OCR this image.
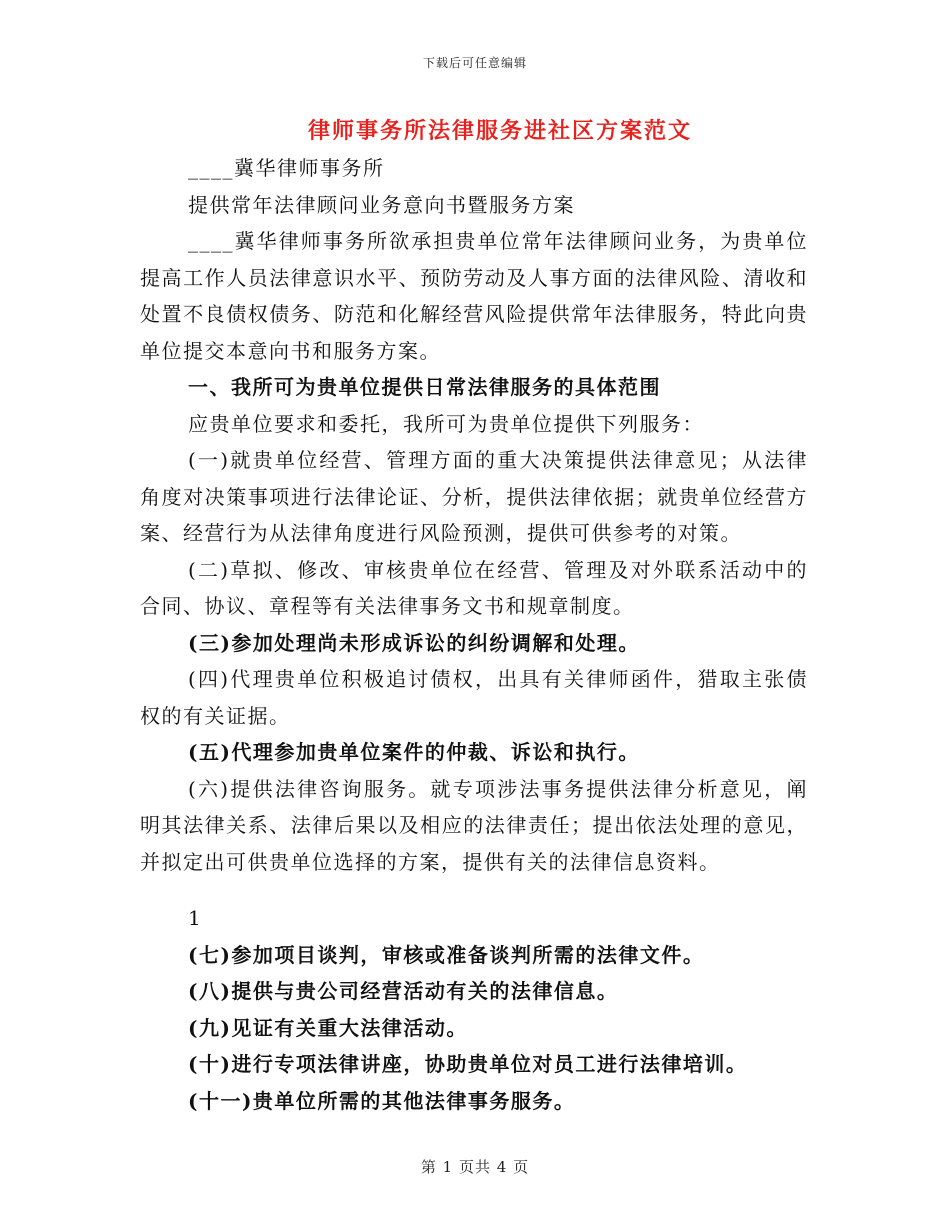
下载后可任意编辑
律师事务所法律服务进社区方案范文

____冀华律师事务所

提供常年法律顾问业务意向书暨服务方案

____冀华律师事务所欲承担贵单位常年法律顾问业务，为贵单位提高工作人员法律意识水平、预防劳动及人事方面的法律风险、清收和处置不良债权债务、防范和化解经营风险提供常年法律服务，特此向贵单位提交本意向书和服务方案。

一、我所可为贵单位提供日常法律服务的具体范围

应贵单位要求和委托，我所可为贵单位提供下列服务：

(一)就贵单位经营、管理方面的重大决策提供法律意见；从法律角度对决策事项进行法律论证、分析，提供法律依据；就贵单位经营方案、经营行为从法律角度进行风险预测，提供可供参考的对策。

(二)草拟、修改、审核贵单位在经营、管理及对外联系活动中的合同、协议、章程等有关法律事务文书和规章制度。

(三)参加处理尚未形成诉讼的纠纷调解和处理。

(四)代理贵单位积极追讨债权，出具有关律师函件，猎取主张债权的有关证据。

(五)代理参加贵单位案件的仲裁、诉讼和执行。

(六)提供法律咨询服务。就专项涉法事务提供法律分析意见，阐明其法律关系、法律后果以及相应的法律责任；提出依法处理的意见，并拟定出可供贵单位选择的方案，提供有关的法律信息资料。

1

(七)参加项目谈判，审核或准备谈判所需的法律文件。

(八)提供与贵公司经营活动有关的法律信息。

(九)见证有关重大法律活动。

(十)进行专项法律讲座，协助贵单位对员工进行法律培训。

(十一)贵单位所需的其他法律事务服务。

第 1 页共 4 页
